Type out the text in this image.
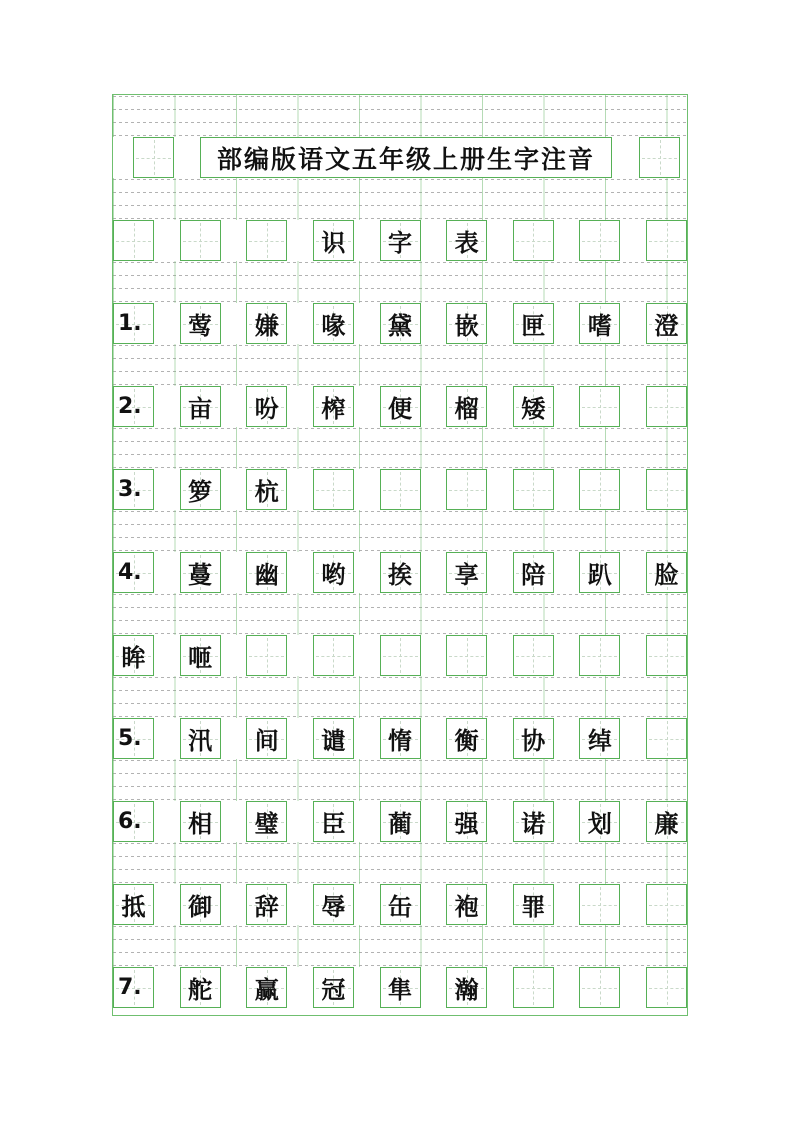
部编版语文五年级上册生字注音
识 字 表
1. 莺 嫌 喙 黛 嵌 匣 嗜 澄
2. 亩 吩 榨 便 榴 矮
3. 箩 杭
4. 蔓 幽 哟 挨 享 陪 趴 脸
眸 咂
5. 汛 间 谴 惰 衡 协 绰
6. 相 璧 臣 蔺 强 诺 划 廉
抵 御 辞 辱 缶 袍 罪
7. 舵 赢 冠 隼 瀚
